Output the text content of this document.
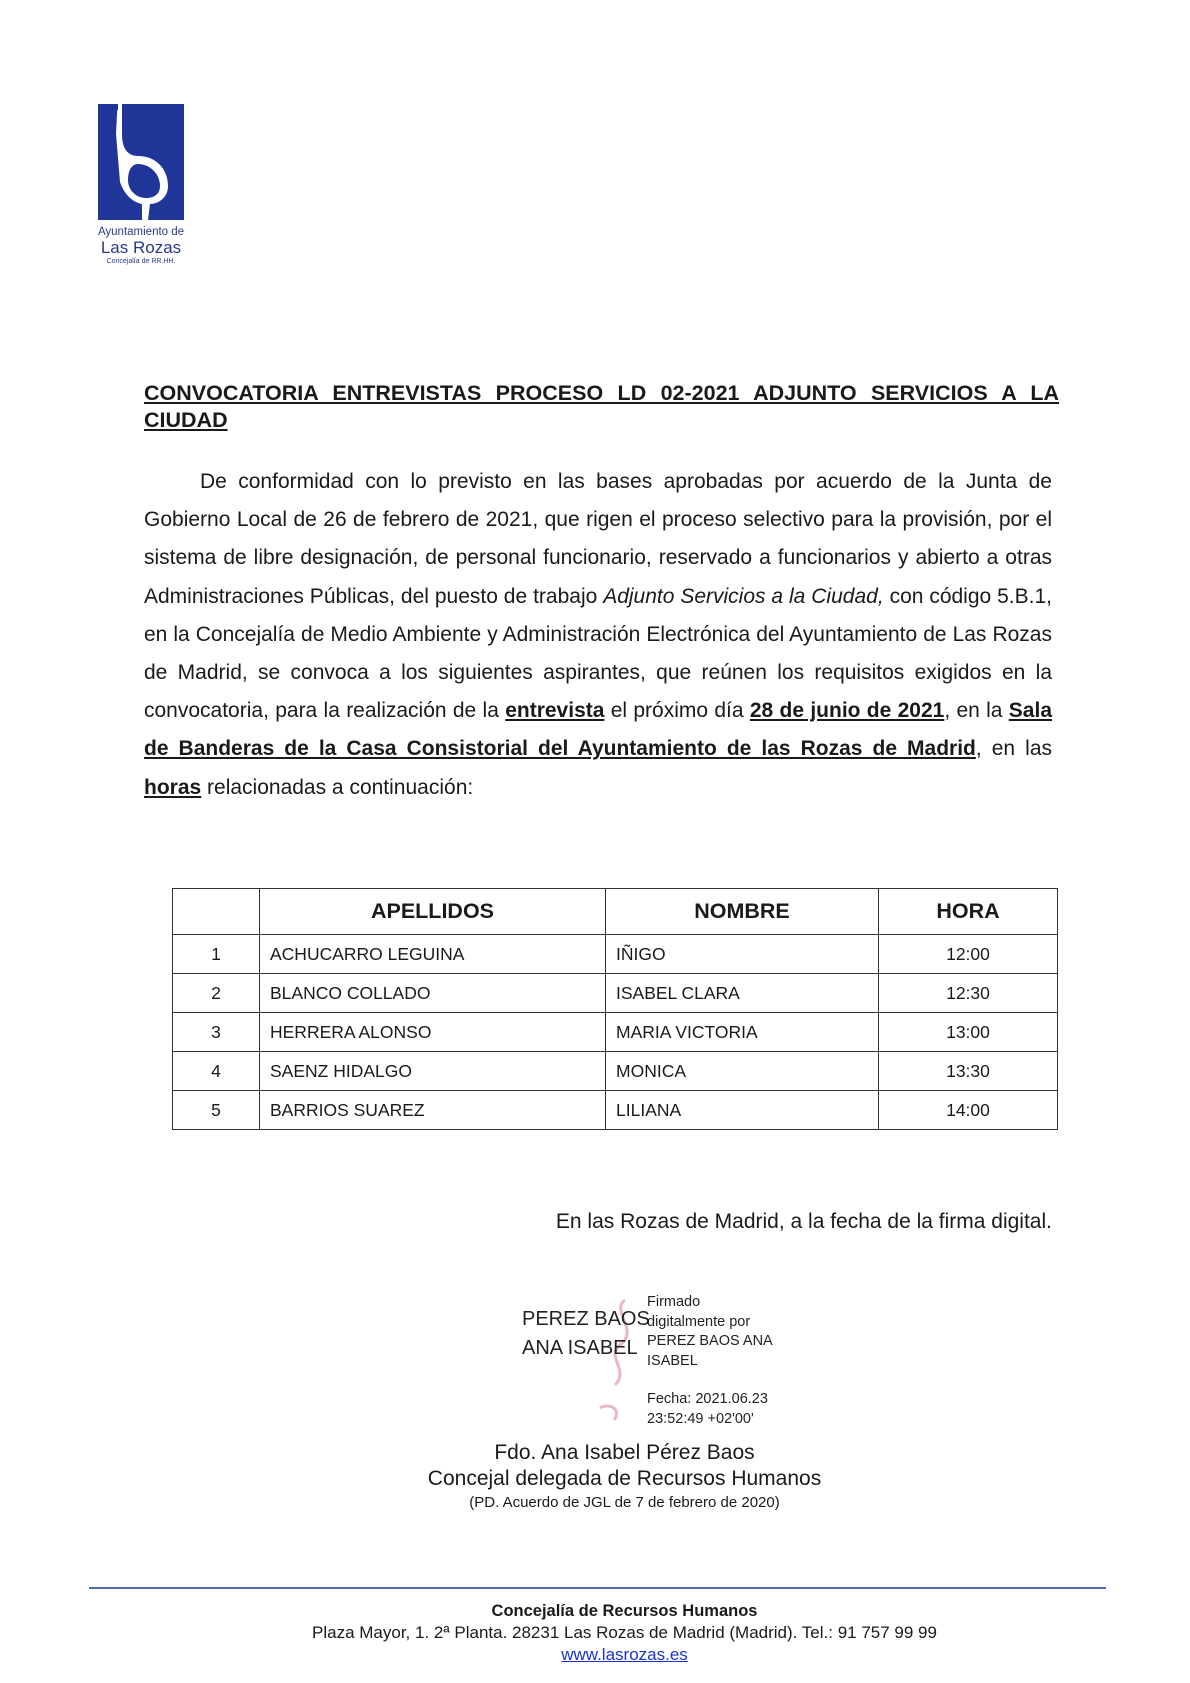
Ayuntamiento de
Las Rozas
Concejalía de RR.HH.
CONVOCATORIA ENTREVISTAS PROCESO LD 02-2021 ADJUNTO SERVICIOS A LA CIUDAD
De conformidad con lo previsto en las bases aprobadas por acuerdo de la Junta de Gobierno Local de 26 de febrero de 2021, que rigen el proceso selectivo para la provisión, por el sistema de libre designación, de personal funcionario, reservado a funcionarios y abierto a otras Administraciones Públicas, del puesto de trabajo Adjunto Servicios a la Ciudad, con código 5.B.1, en la Concejalía de Medio Ambiente y Administración Electrónica del Ayuntamiento de Las Rozas de Madrid, se convoca a los siguientes aspirantes, que reúnen los requisitos exigidos en la convocatoria, para la realización de la entrevista el próximo día 28 de junio de 2021, en la Sala de Banderas de la Casa Consistorial del Ayuntamiento de las Rozas de Madrid, en las horas relacionadas a continuación:
	APELLIDOS	NOMBRE	HORA
1	ACHUCARRO LEGUINA	IÑIGO	12:00
2	BLANCO COLLADO	ISABEL CLARA	12:30
3	HERRERA ALONSO	MARIA VICTORIA	13:00
4	SAENZ HIDALGO	MONICA	13:30
5	BARRIOS SUAREZ	LILIANA	14:00
En las Rozas de Madrid, a la fecha de la firma digital.
PEREZ BAOS
ANA ISABEL
Firmado
digitalmente por
PEREZ BAOS ANA
ISABEL
Fecha: 2021.06.23
23:52:49 +02'00'
Fdo. Ana Isabel Pérez Baos
Concejal delegada de Recursos Humanos
(PD. Acuerdo de JGL de 7 de febrero de 2020)
Concejalía de Recursos Humanos
Plaza Mayor, 1. 2ª Planta. 28231 Las Rozas de Madrid (Madrid). Tel.: 91 757 99 99
www.lasrozas.es
